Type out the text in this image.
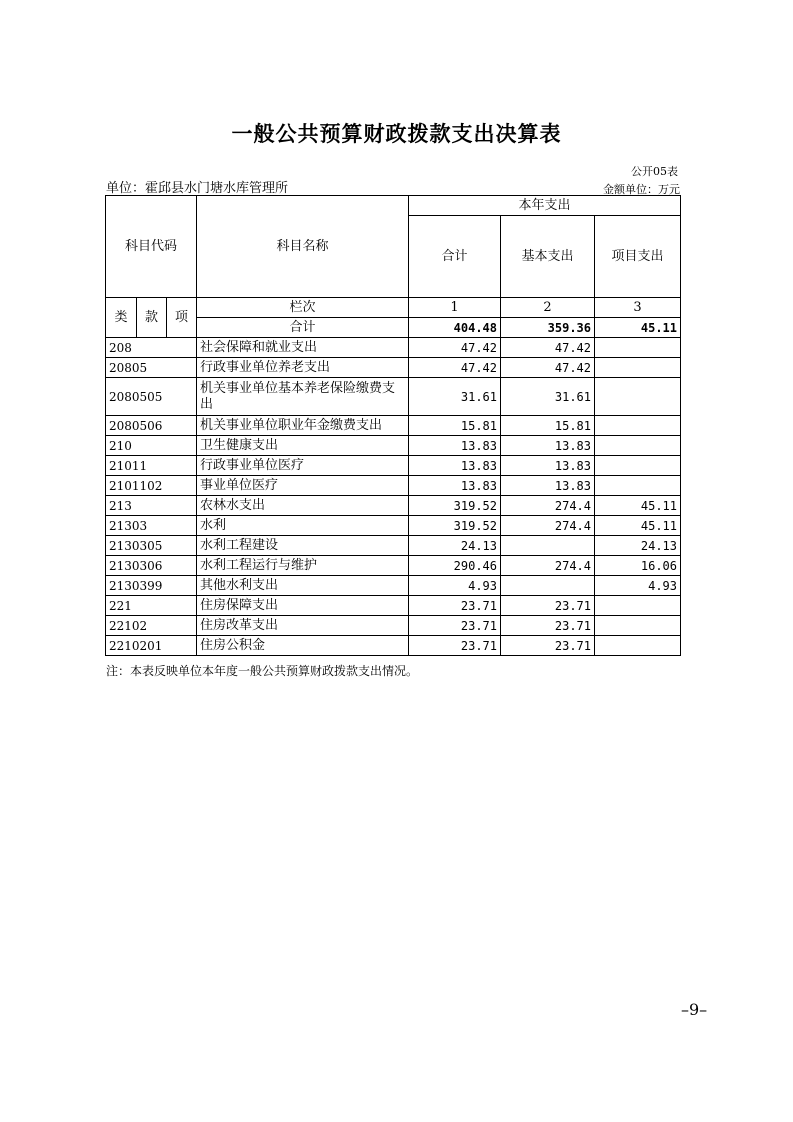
一般公共预算财政拨款支出决算表
公开05表
单位：霍邱县水门塘水库管理所	金额单位：万元
科目代码			科目名称	本年支出		
				合计	基本支出	项目支出
类	款	项	栏次	1	2	3
			合计	404.48	359.36	45.11
208			社会保障和就业支出	47.42	47.42	
20805			行政事业单位养老支出	47.42	47.42	
2080505			机关事业单位基本养老保险缴费支出	31.61	31.61	
2080506			机关事业单位职业年金缴费支出	15.81	15.81	
210			卫生健康支出	13.83	13.83	
21011			行政事业单位医疗	13.83	13.83	
2101102			事业单位医疗	13.83	13.83	
213			农林水支出	319.52	274.4	45.11
21303			水利	319.52	274.4	45.11
2130305			水利工程建设	24.13		24.13
2130306			水利工程运行与维护	290.46	274.4	16.06
2130399			其他水利支出	4.93		4.93
221			住房保障支出	23.71	23.71	
22102			住房改革支出	23.71	23.71	
2210201			住房公积金	23.71	23.71	
注：本表反映单位本年度一般公共预算财政拨款支出情况。
–9–
